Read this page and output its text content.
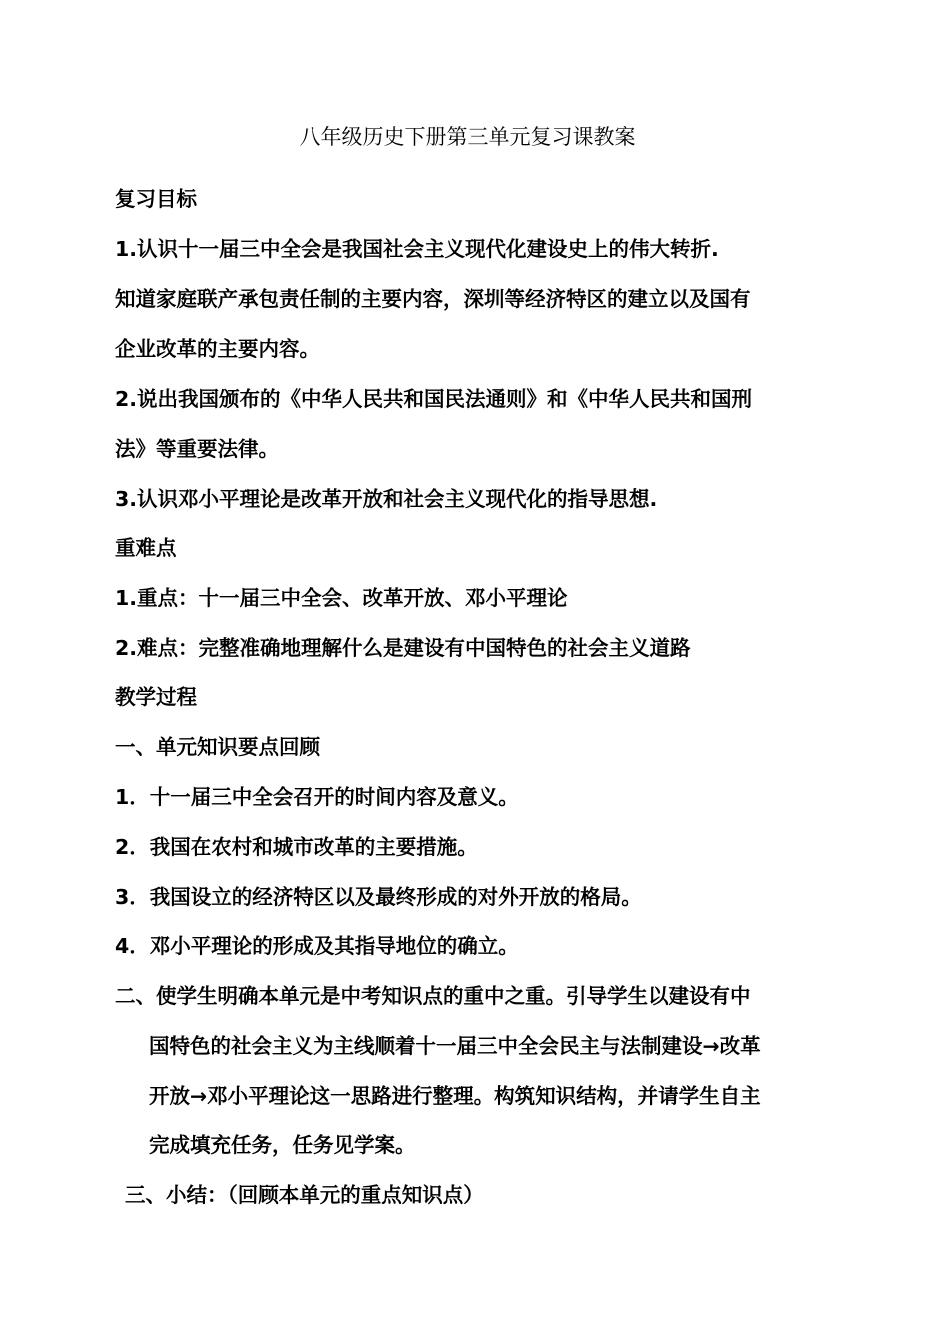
八年级历史下册第三单元复习课教案

复习目标

1.认识十一届三中全会是我国社会主义现代化建设史上的伟大转折.

知道家庭联产承包责任制的主要内容，深圳等经济特区的建立以及国有

企业改革的主要内容。

2.说出我国颁布的《中华人民共和国民法通则》和《中华人民共和国刑

法》等重要法律。

3.认识邓小平理论是改革开放和社会主义现代化的指导思想.

重难点

1.重点：十一届三中全会、改革开放、邓小平理论

2.难点：完整准确地理解什么是建设有中国特色的社会主义道路

教学过程

一、单元知识要点回顾

1．十一届三中全会召开的时间内容及意义。

2．我国在农村和城市改革的主要措施。

3．我国设立的经济特区以及最终形成的对外开放的格局。

4．邓小平理论的形成及其指导地位的确立。

二、使学生明确本单元是中考知识点的重中之重。引导学生以建设有中

国特色的社会主义为主线顺着十一届三中全会民主与法制建设→改革

开放→邓小平理论这一思路进行整理。构筑知识结构，并请学生自主

完成填充任务，任务见学案。

三、小结：（回顾本单元的重点知识点）
